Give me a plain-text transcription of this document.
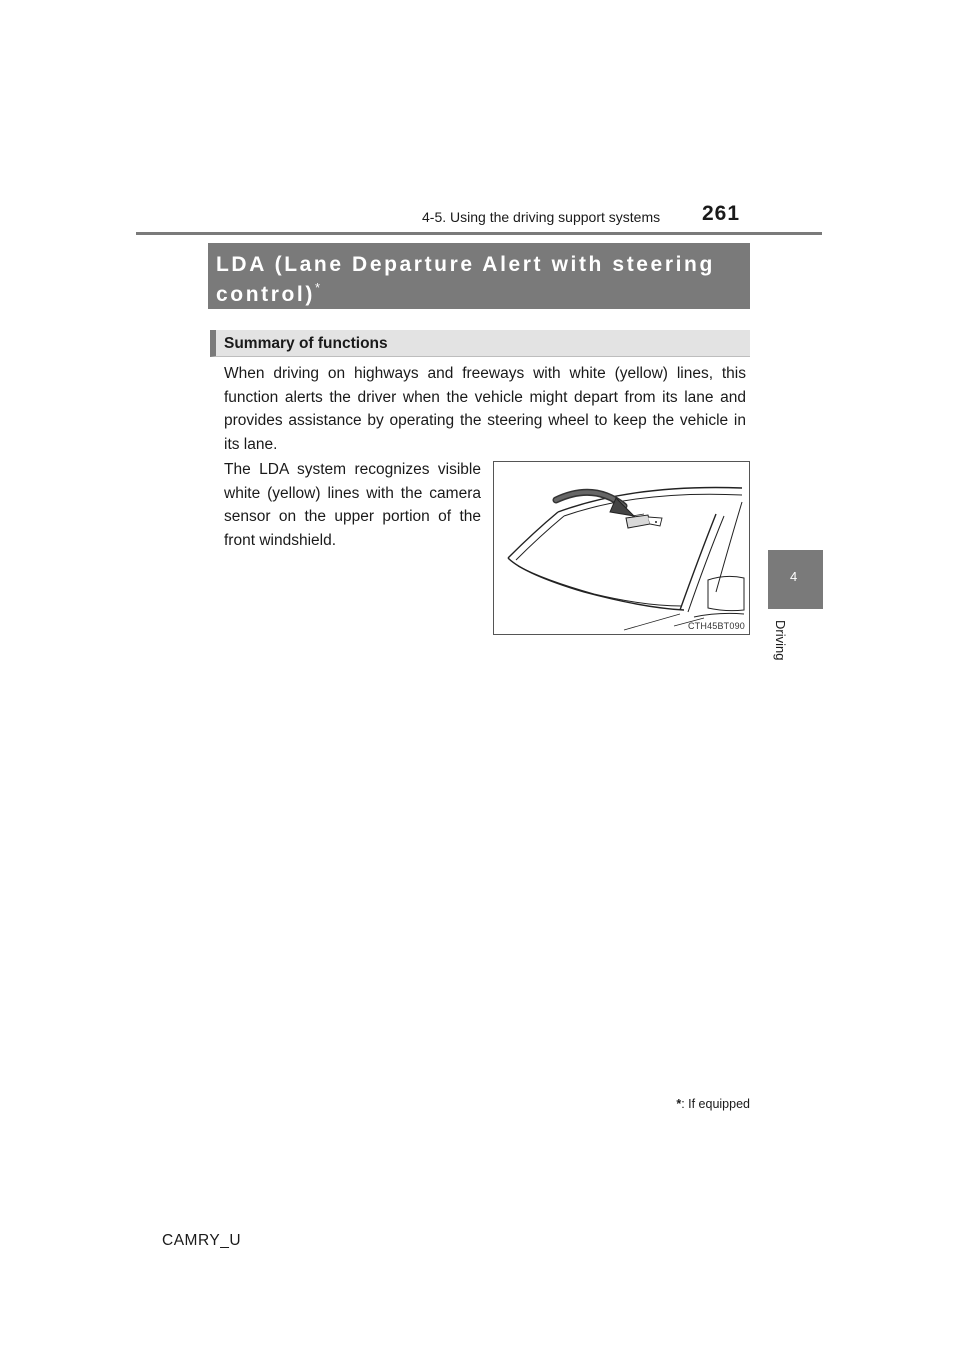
261
4-5. Using the driving support systems
LDA (Lane Departure Alert with steering control)*
Summary of functions
When driving on highways and freeways with white (yellow) lines, this function alerts the driver when the vehicle might depart from its lane and provides assistance by operating the steering wheel to keep the vehicle in its lane.
The LDA system recognizes visible white (yellow) lines with the camera sensor on the upper portion of the front windshield.
CTH45BT090
4
Driving
*: If equipped
CAMRY_U
